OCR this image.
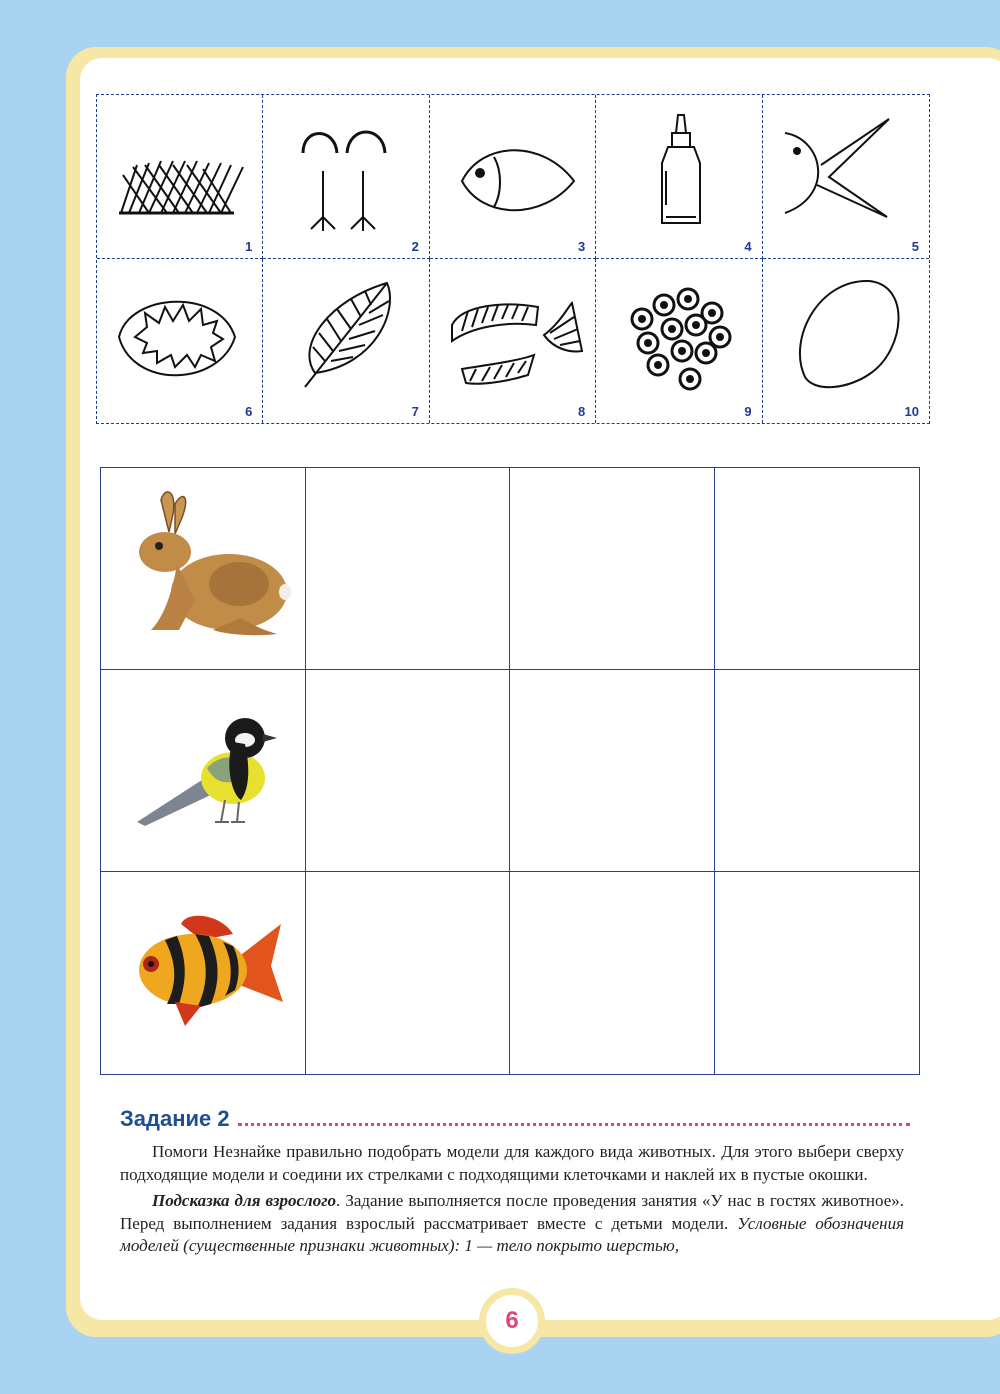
1	2	3	4	5
6	7	8	9	10
Задание 2

Помоги Незнайке правильно подобрать модели для каждого вида животных. Для этого выбери сверху подходящие модели и соедини их стрелками с подходящими клеточками и наклей их в пустые окошки.

Подсказка для взрослого. Задание выполняется после проведения занятия «У нас в гостях животное». Перед выполнением задания взрослый рассматривает вместе с детьми модели. Условные обозначения моделей (существенные признаки животных): 1 — тело покрыто шерстью,

6
